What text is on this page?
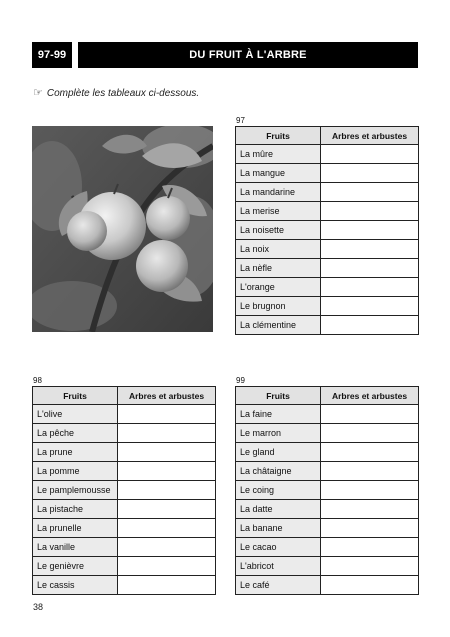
97-99	DU FRUIT À L'ARBRE
☞ Complète les tableaux ci-dessous.
97
Fruits	Arbres et arbustes
La mûre	
La mangue	
La mandarine	
La merise	
La noisette	
La noix	
La nèfle	
L'orange	
Le brugnon	
La clémentine	
98
Fruits	Arbres et arbustes
L'olive	
La pêche	
La prune	
La pomme	
Le pamplemousse	
La pistache	
La prunelle	
La vanille	
Le genièvre	
Le cassis	
99
Fruits	Arbres et arbustes
La faine	
Le marron	
Le gland	
La châtaigne	
Le coing	
La datte	
La banane	
Le cacao	
L'abricot	
Le café	
38
